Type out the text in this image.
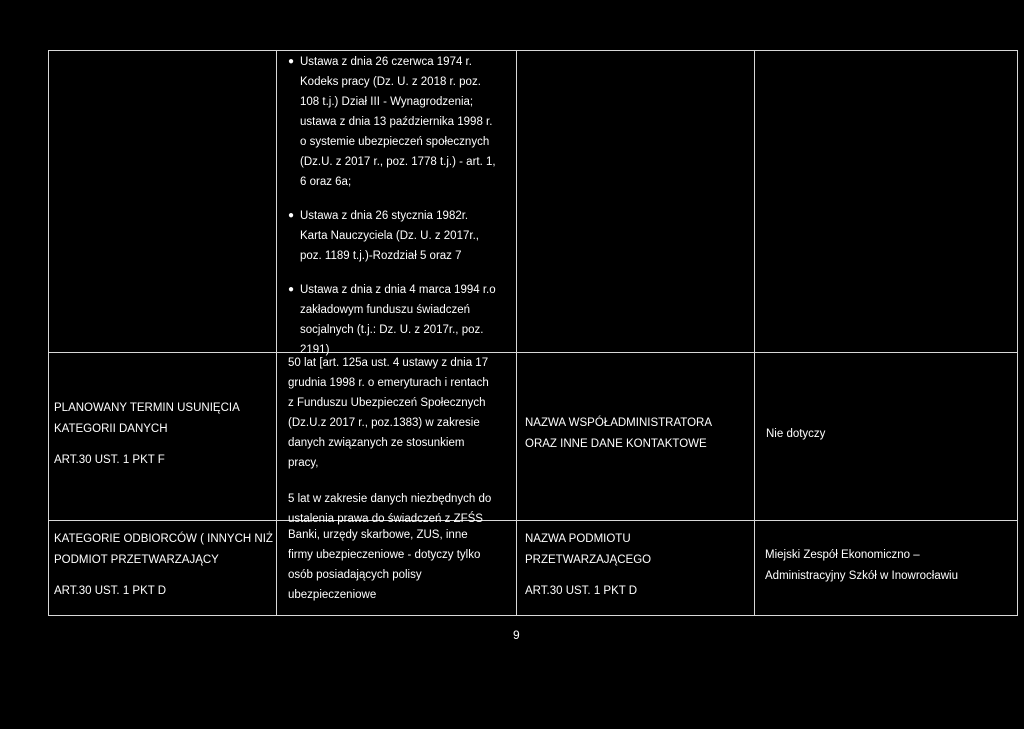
● Ustawa z dnia 26 czerwca 1974 r.
Kodeks pracy (Dz. U. z 2018 r. poz.
108 t.j.) Dział III - Wynagrodzenia;
ustawa z dnia 13 października 1998 r.
o systemie ubezpieczeń społecznych
(Dz.U. z 2017 r., poz. 1778 t.j.) - art. 1,
6 oraz 6a;
● Ustawa z dnia 26 stycznia 1982r.
Karta Nauczyciela (Dz. U. z 2017r.,
poz. 1189 t.j.)-Rozdział 5 oraz 7
● Ustawa z dnia z dnia 4 marca 1994 r.o
zakładowym funduszu świadczeń
socjalnych (t.j.: Dz. U. z 2017r., poz.
2191)
PLANOWANY TERMIN USUNIĘCIA
KATEGORII DANYCH
ART.30 UST. 1 PKT F
50 lat [art. 125a ust. 4 ustawy z dnia 17
grudnia 1998 r. o emeryturach i rentach
z Funduszu Ubezpieczeń Społecznych
(Dz.U.z 2017 r., poz.1383) w zakresie
danych związanych ze stosunkiem
pracy,
5 lat w zakresie danych niezbędnych do
ustalenia prawa do świadczeń z ZFŚS
NAZWA WSPÓŁADMINISTRATORA
ORAZ INNE DANE KONTAKTOWE
Nie dotyczy
KATEGORIE ODBIORCÓW ( INNYCH NIŻ
PODMIOT PRZETWARZAJĄCY
ART.30 UST. 1 PKT D
Banki, urzędy skarbowe, ZUS, inne
firmy ubezpieczeniowe - dotyczy tylko
osób posiadających polisy
ubezpieczeniowe
NAZWA PODMIOTU
PRZETWARZAJĄCEGO
ART.30 UST. 1 PKT D
Miejski Zespół Ekonomiczno –
Administracyjny Szkół w Inowrocławiu
9
